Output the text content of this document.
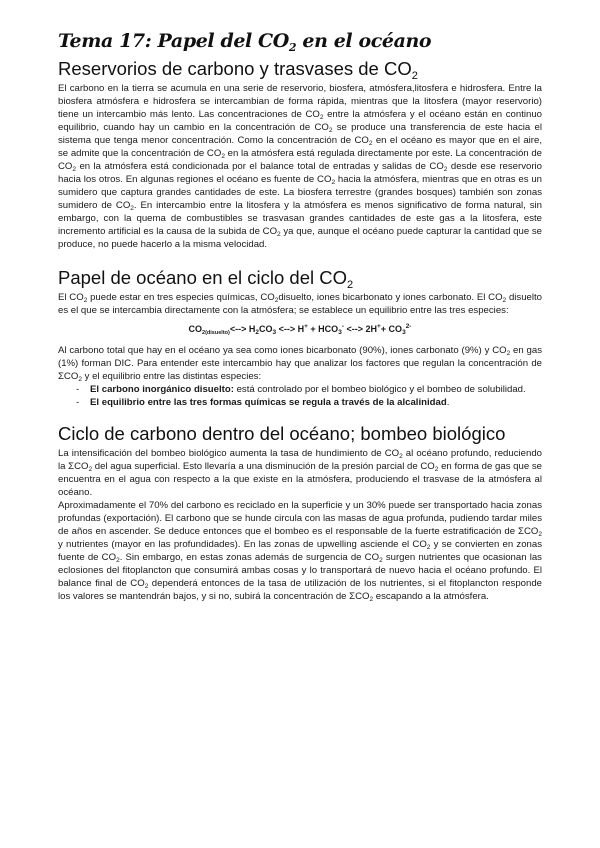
Tema 17: Papel del $CO_2$ en el océano
Reservorios de carbono y trasvases de $CO_2$

El carbono en la tierra se acumula en una serie de reservorio, biosfera, atmósfera,litosfera e hidrosfera. Entre la biosfera atmósfera e hidrosfera se intercambian de forma rápida, mientras que la litosfera (mayor reservorio) tiene un intercambio más lento. Las concentraciones de $CO_2$ entre la atmósfera y el océano están en continuo equilibrio, cuando hay un cambio en la concentración de $CO_2$ se produce una transferencia de este hacia el sistema que tenga menor concentración. Como la concentración de $CO_2$ en el océano es mayor que en el aire, se admite que la concentración de $CO_2$ en la atmósfera está regulada directamente por este. La concentración de $CO_2$ en la atmósfera está condicionada por el balance total de entradas y salidas de $CO_2$ desde ese reservorio hacia los otros. En algunas regiones el océano es fuente de $CO_2$ hacia la atmósfera, mientras que en otras es un sumidero que captura grandes cantidades de este. La biosfera terrestre (grandes bosques) también son zonas sumidero de $CO_2$. En intercambio entre la litosfera y la atmósfera es menos significativo de forma natural, sin embargo, con la quema de combustibles se trasvasan grandes cantidades de este gas a la litosfera, este incremento artificial es la causa de la subida de $CO_2$ ya que, aunque el océano puede capturar la cantidad que se produce, no puede hacerlo a la misma velocidad.

Papel de océano en el ciclo del $CO_2$

El $CO_2$ puede estar en tres especies químicas, $CO_2disuelto$, iones bicarbonato y iones carbonato. El $CO_2$ disuelto es el que se intercambia directamente con la atmósfera; se establece un equilibrio entre las tres especies:

$CO_{2(disuelto)}<--> H_2CO_3$ <--> $H^+ + HCO_3^-$ <--> $2H^++ CO_3^{2-}$

Al carbono total que hay en el océano ya sea como iones bicarbonato (90%), iones carbonato (9%) y $CO_2$ en gas (1%) forman DIC. Para entender este intercambio hay que analizar los factores que regulan la concentración de $\Sigma CO_2$ y el equilibrio entre las distintas especies:

- El carbono inorgánico disuelto: está controlado por el bombeo biológico y el bombeo de solubilidad.
- El equilibrio entre las tres formas químicas se regula a través de la alcalinidad.
Ciclo de carbono dentro del océano; bombeo biológico

La intensificación del bombeo biológico aumenta la tasa de hundimiento de $CO_2$ al océano profundo, reduciendo la $\Sigma CO_2$ del agua superficial. Esto llevaría a una disminución de la presión parcial de $CO_2$ en forma de gas que se encuentra en el agua con respecto a la que existe en la atmósfera, produciendo el trasvase de la atmósfera al océano.

Aproximadamente el 70% del carbono es reciclado en la superficie y un 30% puede ser transportado hacia zonas profundas (exportación). El carbono que se hunde circula con las masas de agua profunda, pudiendo tardar miles de años en ascender. Se deduce entonces que el bombeo es el responsable de la fuerte estratificación de $\Sigma CO_2$ y nutrientes (mayor en las profundidades). En las zonas de upwelling asciende el $CO_2$ y se convierten en zonas fuente de $CO_2$. Sin embargo, en estas zonas además de surgencia de $CO_2$ surgen nutrientes que ocasionan las eclosiones del fitoplancton que consumirá ambas cosas y lo transportará de nuevo hacia el océano profundo. El balance final de $CO_2$ dependerá entonces de la tasa de utilización de los nutrientes, si el fitoplancton responde los valores se mantendrán bajos, y si no, subirá la concentración de $\Sigma CO_2$ escapando a la atmósfera.
